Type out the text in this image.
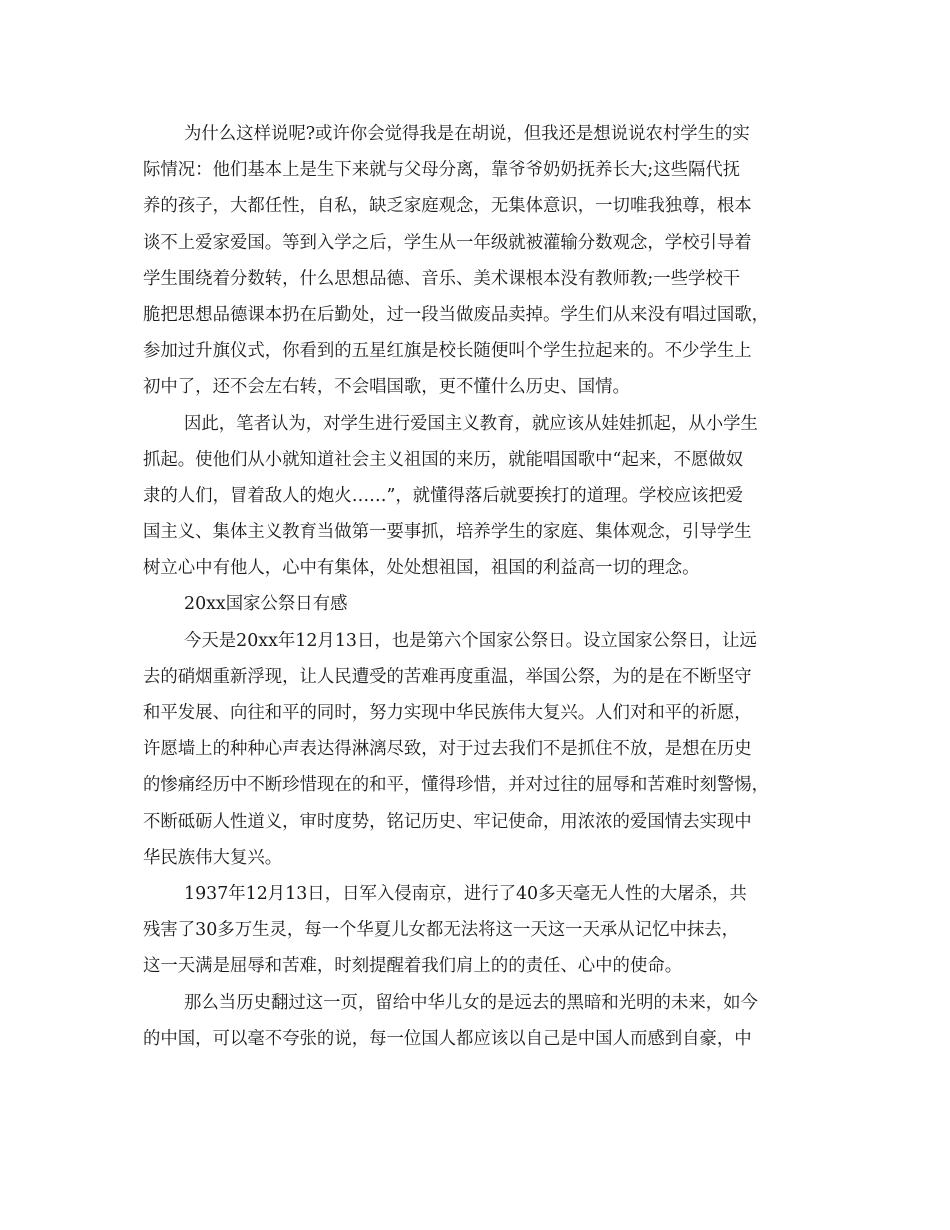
为什么这样说呢?或许你会觉得我是在胡说，但我还是想说说农村学生的实
际情况：他们基本上是生下来就与父母分离，靠爷爷奶奶抚养长大;这些隔代抚
养的孩子，大都任性，自私，缺乏家庭观念，无集体意识，一切唯我独尊，根本
谈不上爱家爱国。等到入学之后，学生从一年级就被灌输分数观念，学校引导着
学生围绕着分数转，什么思想品德、音乐、美术课根本没有教师教;一些学校干
脆把思想品德课本扔在后勤处，过一段当做废品卖掉。学生们从来没有唱过国歌，
参加过升旗仪式，你看到的五星红旗是校长随便叫个学生拉起来的。不少学生上
初中了，还不会左右转，不会唱国歌，更不懂什么历史、国情。
因此，笔者认为，对学生进行爱国主义教育，就应该从娃娃抓起，从小学生
抓起。使他们从小就知道社会主义祖国的来历，就能唱国歌中“起来，不愿做奴
隶的人们，冒着敌人的炮火……”，就懂得落后就要挨打的道理。学校应该把爱
国主义、集体主义教育当做第一要事抓，培养学生的家庭、集体观念，引导学生
树立心中有他人，心中有集体，处处想祖国，祖国的利益高一切的理念。
20xx国家公祭日有感
今天是20xx年12月13日，也是第六个国家公祭日。设立国家公祭日，让远
去的硝烟重新浮现，让人民遭受的苦难再度重温，举国公祭，为的是在不断坚守
和平发展、向往和平的同时，努力实现中华民族伟大复兴。人们对和平的祈愿，
许愿墙上的种种心声表达得淋漓尽致，对于过去我们不是抓住不放，是想在历史
的惨痛经历中不断珍惜现在的和平，懂得珍惜，并对过往的屈辱和苦难时刻警惕，
不断砥砺人性道义，审时度势，铭记历史、牢记使命，用浓浓的爱国情去实现中
华民族伟大复兴。
1937年12月13日，日军入侵南京，进行了40多天毫无人性的大屠杀，共
残害了30多万生灵，每一个华夏儿女都无法将这一天这一天承从记忆中抹去，
这一天满是屈辱和苦难，时刻提醒着我们肩上的的责任、心中的使命。
那么当历史翻过这一页，留给中华儿女的是远去的黑暗和光明的未来，如今
的中国，可以毫不夸张的说，每一位国人都应该以自己是中国人而感到自豪，中
